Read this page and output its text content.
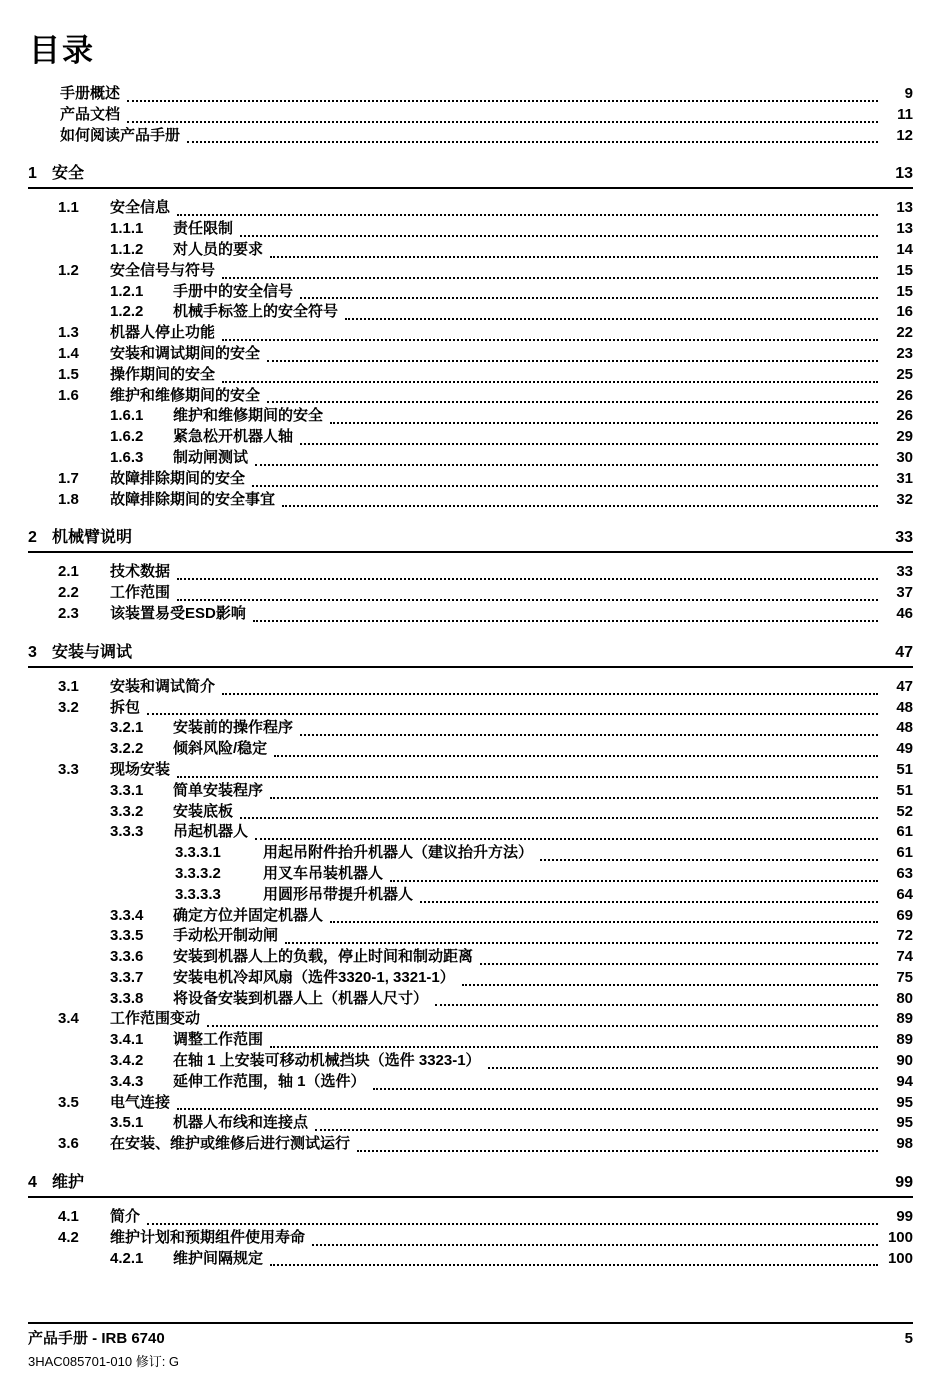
目录
手册概述	9
产品文档	11
如何阅读产品手册	12
1 安全	13
1.1	安全信息	13
1.1.1	责任限制	13
1.1.2	对人员的要求	14
1.2	安全信号与符号	15
1.2.1	手册中的安全信号	15
1.2.2	机械手标签上的安全符号	16
1.3	机器人停止功能	22
1.4	安装和调试期间的安全	23
1.5	操作期间的安全	25
1.6	维护和维修期间的安全	26
1.6.1	维护和维修期间的安全	26
1.6.2	紧急松开机器人轴	29
1.6.3	制动闸测试	30
1.7	故障排除期间的安全	31
1.8	故障排除期间的安全事宜	32
2 机械臂说明	33
2.1	技术数据	33
2.2	工作范围	37
2.3	该装置易受ESD影响	46
3 安装与调试	47
3.1	安装和调试简介	47
3.2	拆包	48
3.2.1	安装前的操作程序	48
3.2.2	倾斜风险/稳定	49
3.3	现场安装	51
3.3.1	简单安装程序	51
3.3.2	安装底板	52
3.3.3	吊起机器人	61
3.3.3.1	用起吊附件抬升机器人（建议抬升方法）	61
3.3.3.2	用叉车吊装机器人	63
3.3.3.3	用圆形吊带提升机器人	64
3.3.4	确定方位并固定机器人	69
3.3.5	手动松开制动闸	72
3.3.6	安装到机器人上的负载，停止时间和制动距离	74
3.3.7	安装电机冷却风扇（选件3320-1, 3321-1）	75
3.3.8	将设备安装到机器人上（机器人尺寸）	80
3.4	工作范围变动	89
3.4.1	调整工作范围	89
3.4.2	在轴 1 上安装可移动机械挡块（选件 3323-1）	90
3.4.3	延伸工作范围，轴 1（选件）	94
3.5	电气连接	95
3.5.1	机器人布线和连接点	95
3.6	在安装、维护或维修后进行测试运行	98
4 维护	99
4.1	简介	99
4.2	维护计划和预期组件使用寿命	100
4.2.1	维护间隔规定	100
产品手册 - IRB 6740	5
3HAC085701-010 修订: G
